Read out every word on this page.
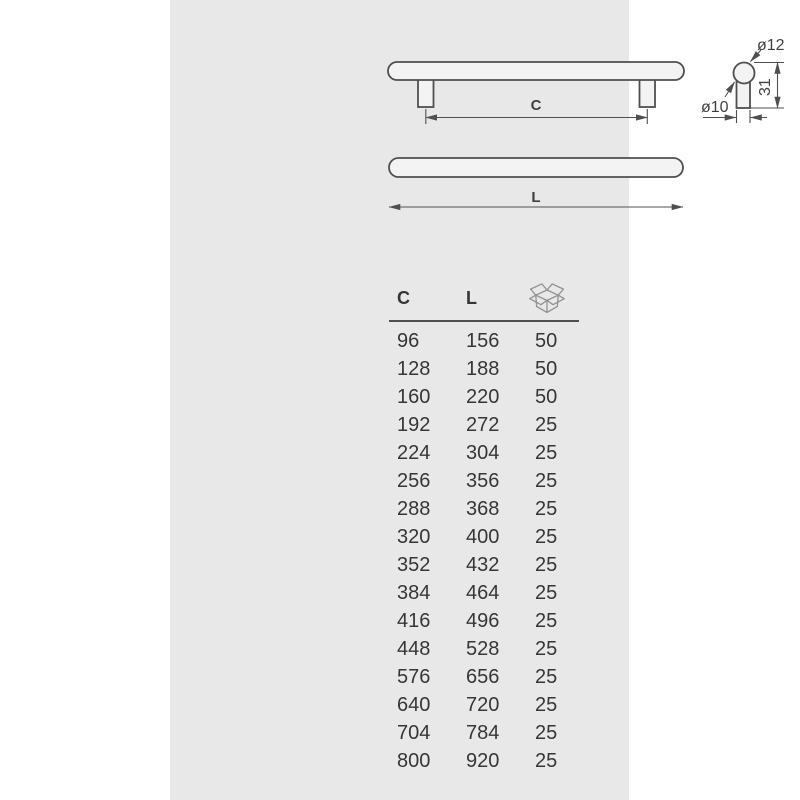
C
L
ø12
31
ø10
C	L
96 156 50
128 188 50
160 220 50
192 272 25
224 304 25
256 356 25
288 368 25
320 400 25
352 432 25
384 464 25
416 496 25
448 528 25
576 656 25
640 720 25
704 784 25
800 920 25
